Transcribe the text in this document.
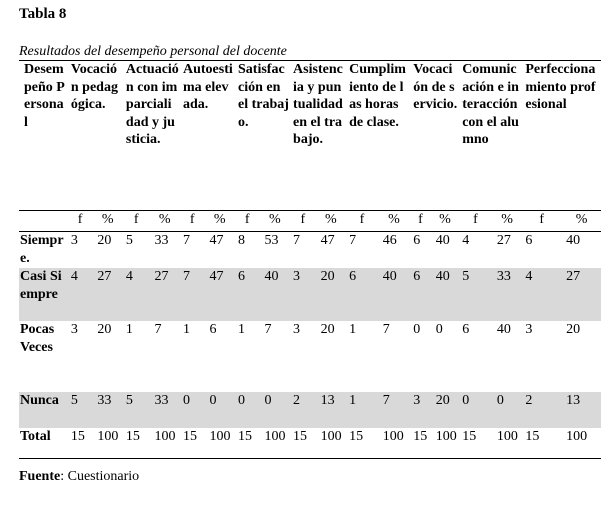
Tabla 8
Resultados del desempeño personal del docente
Desempeño Personal	Vocación pedagógica.		Actuación con imparcialidad y justicia.		Autoestima elevada.		Satisfacción en el trabajo.		Asistencia y puntualidad en el trabajo.		Cumplimiento de las horas de clase.		Vocación de servicio.		Comunicación e interacción con el alumno		Perfeccionamiento profesional	
	f	%	f	%	f	%	f	%	f	%	f	%	f	%	f	%	f	%
Siempre.	3	20	5	33	7	47	8	53	7	47	7	46	6	40	4	27	6	40
Casi Siempre	4	27	4	27	7	47	6	40	3	20	6	40	6	40	5	33	4	27
Pocas Veces	3	20	1	7	1	6	1	7	3	20	1	7	0	0	6	40	3	20
Nunca	5	33	5	33	0	0	0	0	2	13	1	7	3	20	0	0	2	13
Total	15	100	15	100	15	100	15	100	15	100	15	100	15	100	15	100	15	100
Fuente: Cuestionario
